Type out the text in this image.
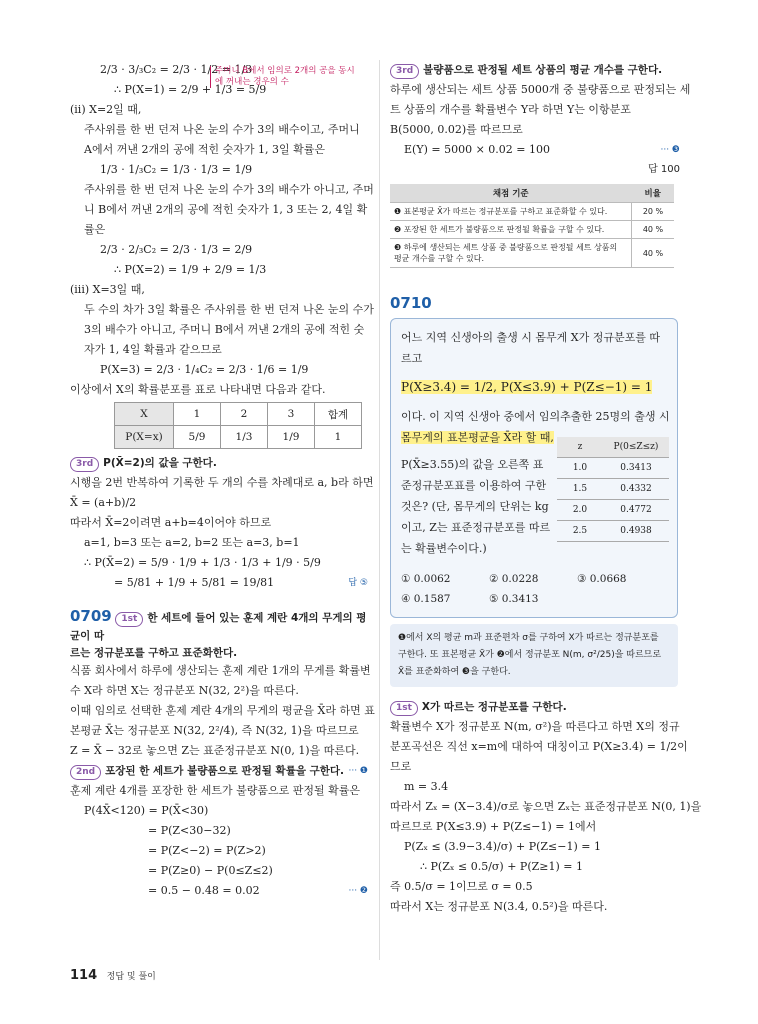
2/3 · 3/₃C₂ = 2/3 · 1/2 = 1/3
주머니 B에서 임의로 2개의 공을 동시에 꺼내는 경우의 수
∴ P(X=1) = 2/9 + 1/3 = 5/9
(ii) X=2일 때,
주사위를 한 번 던져 나온 눈의 수가 3의 배수이고, 주머니
A에서 꺼낸 2개의 공에 적힌 숫자가 1, 3일 확률은
1/3 · 1/₃C₂ = 1/3 · 1/3 = 1/9
주사위를 한 번 던져 나온 눈의 수가 3의 배수가 아니고, 주머
니 B에서 꺼낸 2개의 공에 적힌 숫자가 1, 3 또는 2, 4일 확
률은
2/3 · 2/₃C₂ = 2/3 · 1/3 = 2/9
∴ P(X=2) = 1/9 + 2/9 = 1/3
(iii) X=3일 때,
두 수의 차가 3일 확률은 주사위를 한 번 던져 나온 눈의 수가
3의 배수가 아니고, 주머니 B에서 꺼낸 2개의 공에 적힌 숫
자가 1, 4일 확률과 같으므로
P(X=3) = 2/3 · 1/₄C₂ = 2/3 · 1/6 = 1/9
이상에서 X의 확률분포를 표로 나타내면 다음과 같다.
X	1	2	3	합계
P(X=x)	5/9	1/3	1/9	1
3rd P(X̄=2)의 값을 구한다.
시행을 2번 반복하여 기록한 두 개의 수를 차례대로 a, b라 하면
X̄ = (a+b)/2
따라서 X̄=2이려면 a+b=4이어야 하므로
a=1, b=3 또는 a=2, b=2 또는 a=3, b=1
∴ P(X̄=2) = 5/9 · 1/9 + 1/3 · 1/3 + 1/9 · 5/9
= 5/81 + 1/9 + 5/81 = 19/81	답 ⑤
0709 1st 한 세트에 들어 있는 훈제 계란 4개의 무게의 평균이 따
르는 정규분포를 구하고 표준화한다.
식품 회사에서 하루에 생산되는 훈제 계란 1개의 무게를 확률변
수 X라 하면 X는 정규분포 N(32, 2²)을 따른다.
이때 임의로 선택한 훈제 계란 4개의 무게의 평균을 X̄라 하면 표
본평균 X̄는 정규분포 N(32, 2²/4), 즉 N(32, 1)을 따르므로
Z = X̄ − 32로 놓으면 Z는 표준정규분포 N(0, 1)을 따른다.
··· ❶
2nd 포장된 한 세트가 불량품으로 판정될 확률을 구한다.
훈제 계란 4개를 포장한 한 세트가 불량품으로 판정될 확률은
P(4X̄<120) = P(X̄<30)
= P(Z<30−32)
= P(Z<−2) = P(Z>2)
= P(Z≥0) − P(0≤Z≤2)
= 0.5 − 0.48 = 0.02	··· ❷
3rd 불량품으로 판정될 세트 상품의 평균 개수를 구한다.
하루에 생산되는 세트 상품 5000개 중 불량품으로 판정되는 세
트 상품의 개수를 확률변수 Y라 하면 Y는 이항분포
B(5000, 0.02)를 따르므로
E(Y) = 5000 × 0.02 = 100	··· ❸
답 100
채점 기준	비율
❶ 표본평균 X̄가 따르는 정규분포를 구하고 표준화할 수 있다.	20 %
❷ 포장된 한 세트가 불량품으로 판정될 확률을 구할 수 있다.	40 %
❸ 하루에 생산되는 세트 상품 중 불량품으로 판정될 세트 상품의 평균 개수를 구할 수 있다.	40 %
0710
어느 지역 신생아의 출생 시 몸무게 X가 정규분포를 따
르고
P(X≥3.4) = 1/2, P(X≤3.9) + P(Z≤−1) = 1
이다. 이 지역 신생아 중에서 임의추출한 25명의 출생 시
몸무게의 표본평균을 X̄라 할 때,
P(X̄≥3.55)의 값을 오른쪽 표
준정규분포표를 이용하여 구한
것은? (단, 몸무게의 단위는 kg
이고, Z는 표준정규분포를 따르
는 확률변수이다.)
z	P(0≤Z≤z)
1.0	0.3413
1.5	0.4332
2.0	0.4772
2.5	0.4938
① 0.0062	② 0.0228	③ 0.0668
④ 0.1587	⑤ 0.3413
❶에서 X의 평균 m과 표준편차 σ를 구하여 X가 따르는 정규분포를
구한다. 또 표본평균 X̄가 ❷에서 정규분포 N(m, σ²/25)을 따르므로
X̄를 표준화하여 ❸을 구한다.
1st X가 따르는 정규분포를 구한다.
확률변수 X가 정규분포 N(m, σ²)을 따른다고 하면 X의 정규
분포곡선은 직선 x=m에 대하여 대칭이고 P(X≥3.4) = 1/2이
므로
m = 3.4
따라서 Zₓ = (X−3.4)/σ로 놓으면 Zₓ는 표준정규분포 N(0, 1)을
따르므로 P(X≤3.9) + P(Z≤−1) = 1에서
P(Zₓ ≤ (3.9−3.4)/σ) + P(Z≤−1) = 1
∴ P(Zₓ ≤ 0.5/σ) + P(Z≥1) = 1
즉 0.5/σ = 1이므로 σ = 0.5
따라서 X는 정규분포 N(3.4, 0.5²)을 따른다.
114 정답 및 풀이
